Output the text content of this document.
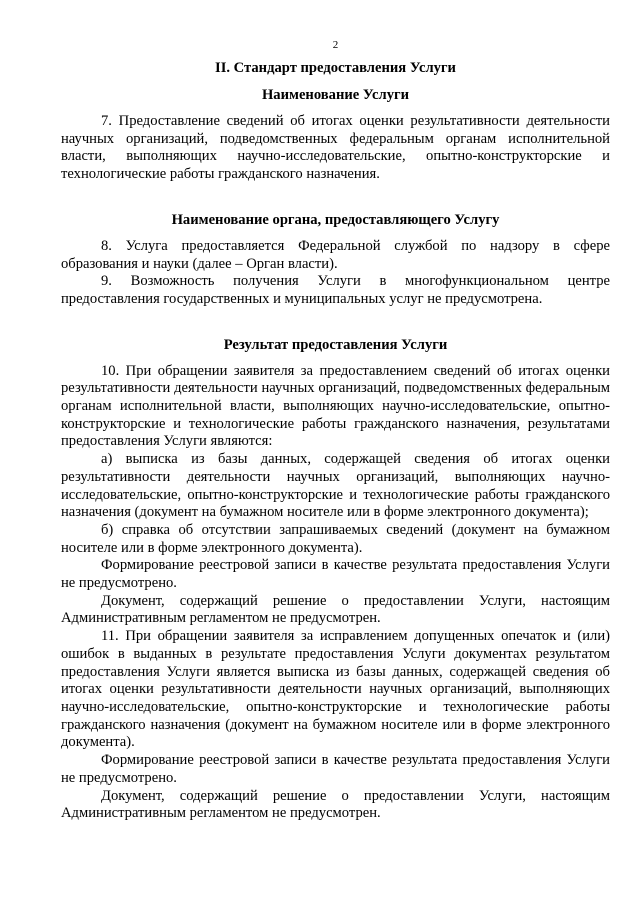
2
II. Стандарт предоставления Услуги
Наименование Услуги

7. Предоставление сведений об итогах оценки результативности деятельности научных организаций, подведомственных федеральным органам исполнительной власти, выполняющих научно-исследовательские, опытно-конструкторские и технологические работы гражданского назначения.

Наименование органа, предоставляющего Услугу

8. Услуга предоставляется Федеральной службой по надзору в сфере образования и науки (далее – Орган власти).

9. Возможность получения Услуги в многофункциональном центре предоставления государственных и муниципальных услуг не предусмотрена.

Результат предоставления Услуги

10. При обращении заявителя за предоставлением сведений об итогах оценки результативности деятельности научных организаций, подведомственных федеральным органам исполнительной власти, выполняющих научно-исследовательские, опытно-конструкторские и технологические работы гражданского назначения, результатами предоставления Услуги являются:

а) выписка из базы данных, содержащей сведения об итогах оценки результативности деятельности научных организаций, выполняющих научно-исследовательские, опытно-конструкторские и технологические работы гражданского назначения (документ на бумажном носителе или в форме электронного документа);

б) справка об отсутствии запрашиваемых сведений (документ на бумажном носителе или в форме электронного документа).

Формирование реестровой записи в качестве результата предоставления Услуги не предусмотрено.

Документ, содержащий решение о предоставлении Услуги, настоящим Административным регламентом не предусмотрен.

11. При обращении заявителя за исправлением допущенных опечаток и (или) ошибок в выданных в результате предоставления Услуги документах результатом предоставления Услуги является выписка из базы данных, содержащей сведения об итогах оценки результативности деятельности научных организаций, выполняющих научно-исследовательские, опытно-конструкторские и технологические работы гражданского назначения (документ на бумажном носителе или в форме электронного документа).

Формирование реестровой записи в качестве результата предоставления Услуги не предусмотрено.

Документ, содержащий решение о предоставлении Услуги, настоящим Административным регламентом не предусмотрен.
